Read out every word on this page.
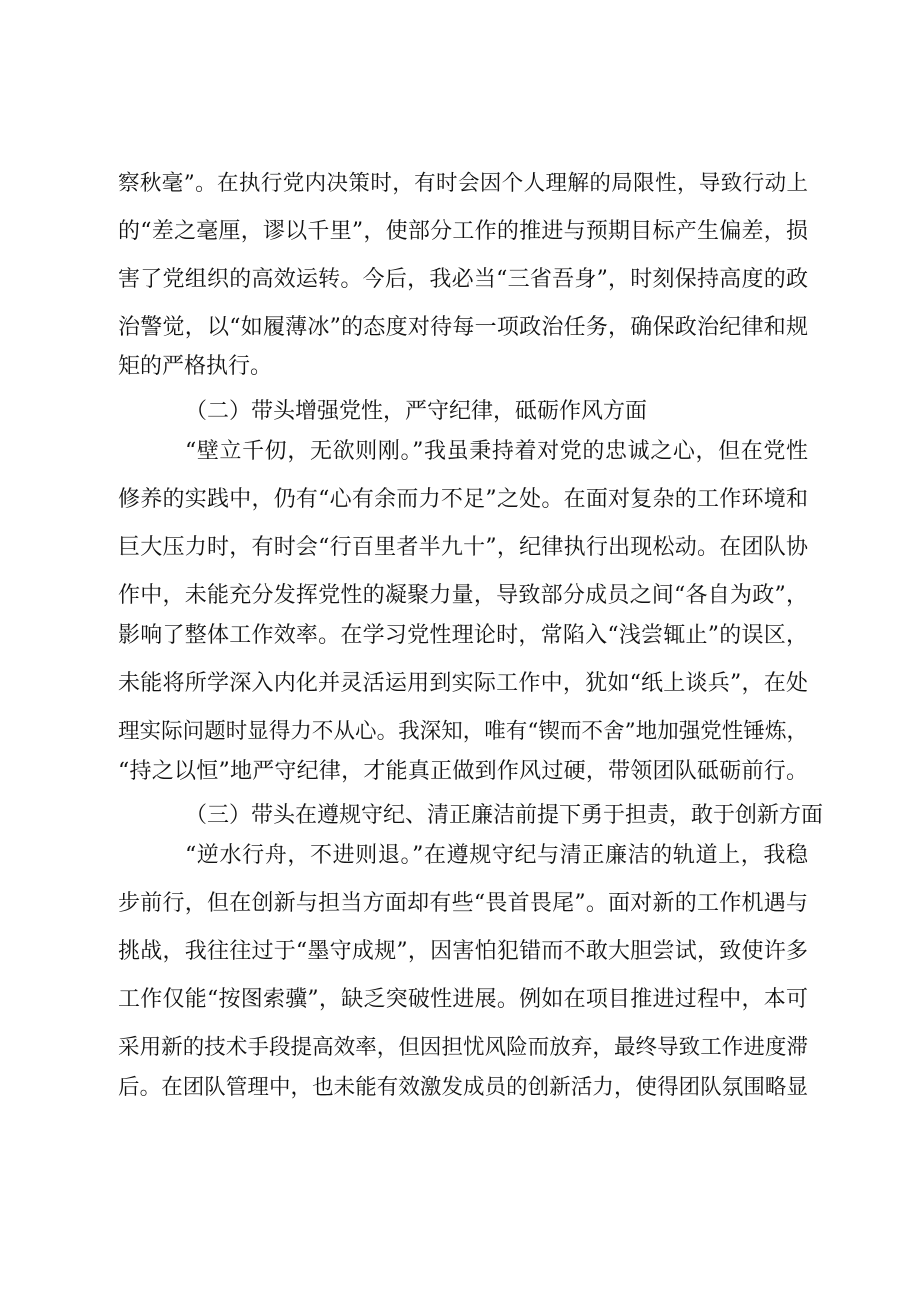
察秋毫”。在执行党内决策时，有时会因个人理解的局限性，导致行动上
的“差之毫厘，谬以千里”，使部分工作的推进与预期目标产生偏差，损
害了党组织的高效运转。今后，我必当“三省吾身”，时刻保持高度的政
治警觉，以“如履薄冰”的态度对待每一项政治任务，确保政治纪律和规
矩的严格执行。
（二）带头增强党性，严守纪律，砥砺作风方面
“壁立千仞，无欲则刚。”我虽秉持着对党的忠诚之心，但在党性
修养的实践中，仍有“心有余而力不足”之处。在面对复杂的工作环境和
巨大压力时，有时会“行百里者半九十”，纪律执行出现松动。在团队协
作中，未能充分发挥党性的凝聚力量，导致部分成员之间“各自为政”，
影响了整体工作效率。在学习党性理论时，常陷入“浅尝辄止”的误区，
未能将所学深入内化并灵活运用到实际工作中，犹如“纸上谈兵”，在处
理实际问题时显得力不从心。我深知，唯有“锲而不舍”地加强党性锤炼，
“持之以恒”地严守纪律，才能真正做到作风过硬，带领团队砥砺前行。
（三）带头在遵规守纪、清正廉洁前提下勇于担责，敢于创新方面
“逆水行舟，不进则退。”在遵规守纪与清正廉洁的轨道上，我稳
步前行，但在创新与担当方面却有些“畏首畏尾”。面对新的工作机遇与
挑战，我往往过于“墨守成规”，因害怕犯错而不敢大胆尝试，致使许多
工作仅能“按图索骥”，缺乏突破性进展。例如在项目推进过程中，本可
采用新的技术手段提高效率，但因担忧风险而放弃，最终导致工作进度滞
后。在团队管理中，也未能有效激发成员的创新活力，使得团队氛围略显
